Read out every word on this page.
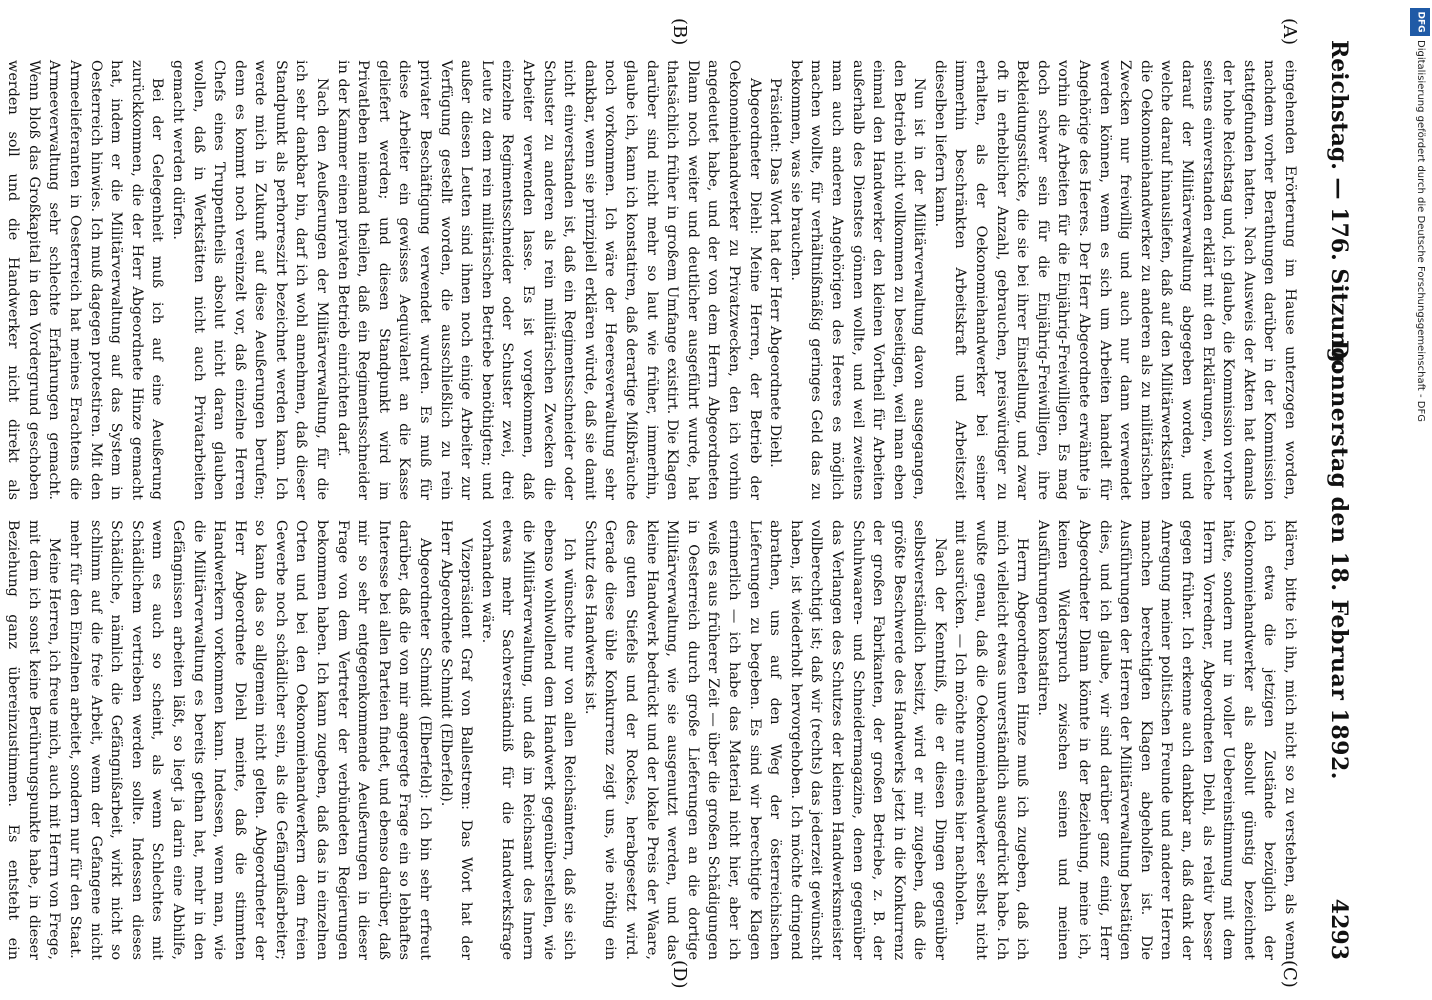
Reichstag. — 176. Sitzung.
Donnerstag den 18. Februar 1892.
4293
(A)
(B)
(C)
(D)

eingehenden Erörterung im Hause unterzogen worden, nachdem vorher Berathungen darüber in der Kommission stattgefunden hatten. Nach Ausweis der Akten hat damals der hohe Reichstag und, ich glaube, die Kommission vorher seitens einverstanden erklärt mit den Erklärungen, welche darauf der Militärverwaltung abgegeben worden, und welche darauf hinausliefen, daß auf den Militärwerkstätten die Oekonomiehandwerker zu anderen als zu militärischen Zwecken nur freiwillig und auch nur dann verwendet werden können, wenn es sich um Arbeiten handelt für Angehörige des Heeres. Der Herr Abgeordnete erwähnte ja vorhin die Arbeiten für die Einjährig-Freiwilligen. Es mag doch schwer sein für die Einjährig-Freiwilligen, ihre Bekleidungsstücke, die sie bei ihrer Einstellung, und zwar oft in erheblicher Anzahl, gebrauchen, preiswürdiger zu erhalten, als der Oekonomiehandwerker bei seiner immerhin beschränkten Arbeitskraft und Arbeitszeit dieselben liefern kann.

Nun ist in der Militärverwaltung davon ausgegangen, den Betrieb nicht vollkommen zu beseitigen, weil man eben einmal den Handwerker den kleinen Vortheil für Arbeiten außerhalb des Dienstes gönnen wollte, und weil zweitens man auch anderen Angehörigen des Heeres es möglich machen wollte, für verhältnißmäßig geringes Geld das zu bekommen, was sie brauchen.

Präsident: Das Wort hat der Herr Abgeordnete Diehl.

Abgeordneter Diehl: Meine Herren, der Betrieb der Oekonomiehandwerker zu Privatzwecken, den ich vorhin angedeutet habe, und der von dem Herrn Abgeordneten Dlann noch weiter und deutlicher ausgeführt wurde, hat thatsächlich früher in großem Umfange existirt. Die Klagen darüber sind nicht mehr so laut wie früher, immerhin, glaube ich, kann ich konstatiren, daß derartige Mißbräuche noch vorkommen. Ich wäre der Heeresverwaltung sehr dankbar, wenn sie prinzipiell erklären würde, daß sie damit nicht einverstanden ist, daß ein Regimentsschneider oder Schuster zu anderen als rein militärischen Zwecken die Arbeiter verwenden lasse. Es ist vorgekommen, daß einzelne Regimentsschneider oder Schuster zwei, drei Leute zu dem rein militärischen Betriebe benöthigten; und außer diesen Leuten sind ihnen noch einige Arbeiter zur Verfügung gestellt worden, die ausschließlich zu rein privater Beschäftigung verwendet wurden. Es muß für diese Arbeiter ein gewisses Aequivalent an die Kasse geliefert werden; und diesen Standpunkt wird im Privatleben niemand theilen, daß ein Regimentsschneider in der Kammer einen privaten Betrieb einrichten darf.

Nach den Aeußerungen der Militärverwaltung, für die ich sehr dankbar bin, darf ich wohl annehmen, daß dieser Standpunkt als perhorreszirt bezeichnet werden kann. Ich werde mich in Zukunft auf diese Aeußerungen berufen; denn es kommt noch vereinzelt vor, daß einzelne Herren Chefs eines Truppentheils absolut nicht daran glauben wollen, daß in Werkstätten nicht auch Privatarbeiten gemacht werden dürfen.

Bei der Gelegenheit muß ich auf eine Aeußerung zurückkommen, die der Herr Abgeordnete Hinze gemacht hat, indem er die Militärverwaltung auf das System in Oesterreich hinwies. Ich muß dagegen protestiren. Mit den Armeelieferanten in Oesterreich hat meines Erachtens die Armeeverwaltung sehr schlechte Erfahrungen gemacht. Wenn bloß das Großkapital in den Vordergrund geschoben werden soll und die Handwerker nicht direkt als

klären, bitte ich ihn, mich nicht so zu verstehen, als wenn ich etwa die jetzigen Zustände bezüglich der Oekonomiehandwerker als absolut günstig bezeichnet hätte, sondern nur in voller Uebereinstimmung mit dem Herrn Vorredner, Abgeordneten Diehl, als relativ besser gegen früher. Ich erkenne auch dankbar an, daß dank der Anregung meiner politischen Freunde und anderer Herren manchen berechtigten Klagen abgeholfen ist. Die Ausführungen der Herren der Militärverwaltung bestätigen dies, und ich glaube, wir sind darüber ganz einig, Herr Abgeordneter Dlann könnte in der Beziehung, meine ich, keinen Widerspruch zwischen seinen und meinen Ausführungen konstatiren.

Herrn Abgeordneten Hinze muß ich zugeben, daß ich mich vielleicht etwas unverständlich ausgedrückt habe. Ich wußte genau, daß die Oekonomiehandwerker selbst nicht mit ausrücken. — Ich möchte nur eines hier nachholen.

Nach der Kenntniß, die er diesen Dingen gegenüber selbstverständlich besitzt, wird er mir zugeben, daß die größte Beschwerde des Handwerks jetzt in die Konkurrenz der großen Fabrikanten, der großen Betriebe, z. B. der Schuhwaaren- und Schneidermagazine, denen gegenüber das Verlangen des Schutzes der kleinen Handwerksmeister vollberechtigt ist; daß wir (rechts) das jederzeit gewünscht haben, ist wiederholt hervorgehoben. Ich möchte dringend abrathen, uns auf den Weg der österreichischen Lieferungen zu begeben. Es sind wir berechtigte Klagen erinnerlich — ich habe das Material nicht hier, aber ich weiß es aus früherer Zeit — über die großen Schädigungen in Oesterreich durch große Lieferungen an die dortige Militärverwaltung, wie sie ausgenutzt werden, und das kleine Handwerk bedrückt und der lokale Preis der Waare, des guten Stiefels und der Rockes, herabgesetzt wird. Gerade diese üble Konkurrenz zeigt uns, wie nöthig ein Schutz des Handwerks ist.

Ich wünschte nur von allen Reichsämtern, daß sie sich ebenso wohlwollend dem Handwerk gegenüberstellen, wie die Militärverwaltung, und daß im Reichsamt des Innern etwas mehr Sachverständniß für die Handwerksfrage vorhanden wäre.

Vizepräsident Graf von Ballestrem: Das Wort hat der Herr Abgeordnete Schmidt (Elberfeld).

Abgeordneter Schmidt (Elberfeld): Ich bin sehr erfreut darüber, daß die von mir angeregte Frage ein so lebhaftes Interesse bei allen Parteien findet, und ebenso darüber, daß mir so sehr entgegenkommende Aeußerungen in dieser Frage von dem Vertreter der verbündeten Regierungen bekommen haben. Ich kann zugeben, daß das in einzelnen Orten und bei den Oekonomiehandwerkern dem freien Gewerbe noch schädlicher sein, als die Gefängnißarbeiter; so kann das so allgemein nicht gelten. Abgeordneter der Herr Abgeordnete Diehl meinte, daß die stimmten Handwerkern vorkommen kann. Indessen, wenn man, wie die Militärverwaltung es bereits gethan hat, mehr in den Gefängnissen arbeiten läßt, so liegt ja darin eine Abhilfe, wenn es auch so scheint, als wenn Schlechtes mit Schädlichem vertrieben werden sollte. Indessen dieses Schädliche, nämlich die Gefängnißarbeit, wirkt nicht so schlimm auf die freie Arbeit, wenn der Gefangene nicht mehr für den Einzelnen arbeitet, sondern nur für den Staat.

Meine Herren, ich freue mich, auch mit Herrn von Frege, mit dem ich sonst keine Berührungspunkte habe, in dieser Beziehung ganz übereinzustimmen. Es entsteht ein

DFG
Digitalisierung gefördert durch die Deutsche Forschungsgemeinschaft - DFG
